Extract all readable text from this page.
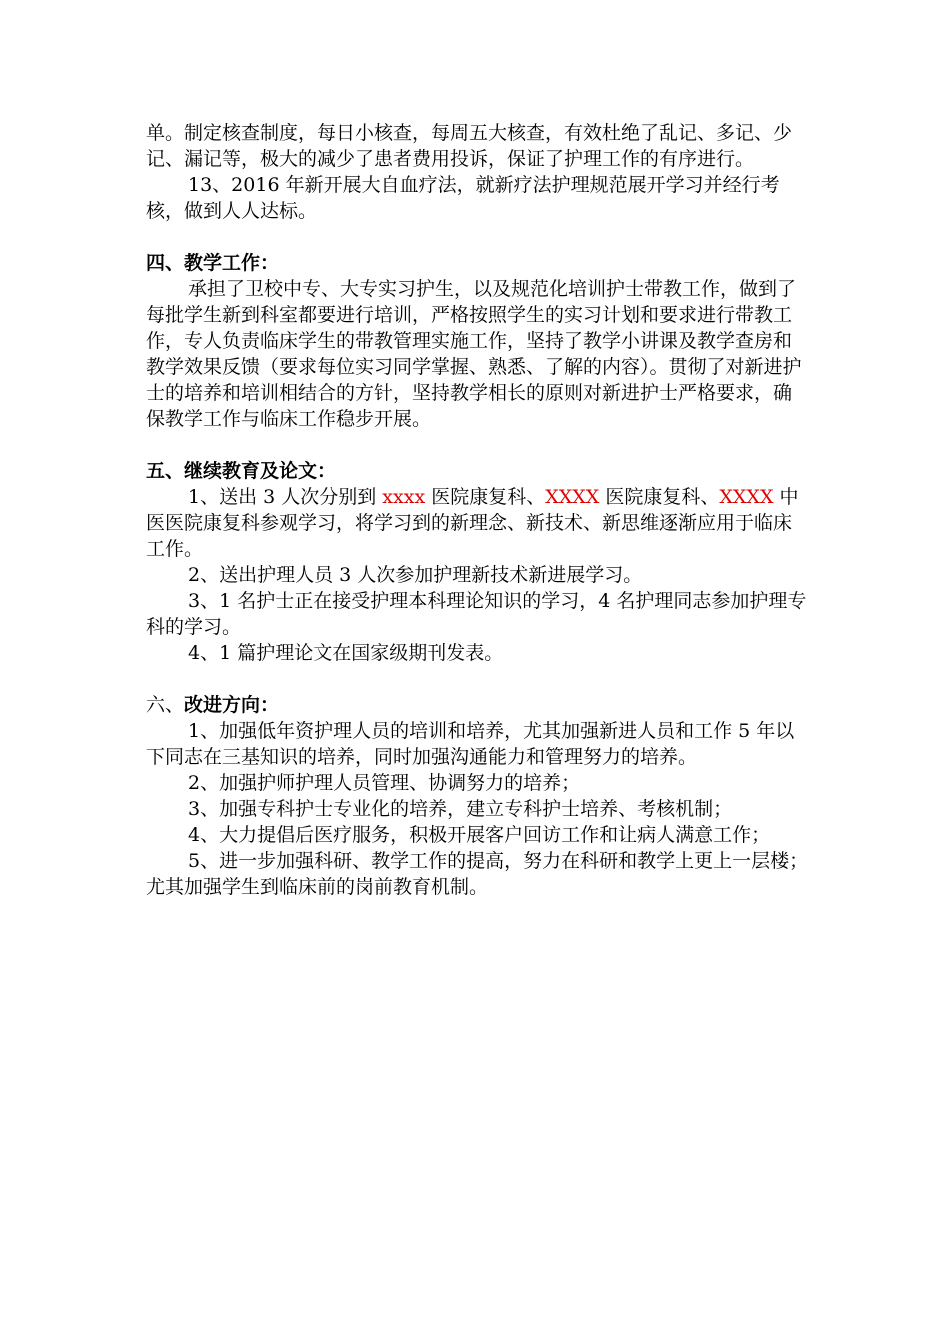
单。制定核查制度，每日小核查，每周五大核查，有效杜绝了乱记、多记、少记、漏记等，极大的减少了患者费用投诉，保证了护理工作的有序进行。

13、2016 年新开展大自血疗法，就新疗法护理规范展开学习并经行考核，做到人人达标。

四、教学工作：

承担了卫校中专、大专实习护生，以及规范化培训护士带教工作，做到了每批学生新到科室都要进行培训，严格按照学生的实习计划和要求进行带教工作，专人负责临床学生的带教管理实施工作，坚持了教学小讲课及教学查房和教学效果反馈（要求每位实习同学掌握、熟悉、了解的内容）。贯彻了对新进护士的培养和培训相结合的方针，坚持教学相长的原则对新进护士严格要求，确保教学工作与临床工作稳步开展。

五、继续教育及论文：

1、送出 3 人次分别到 xxxx 医院康复科、XXXX 医院康复科、XXXX 中医医院康复科参观学习，将学习到的新理念、新技术、新思维逐渐应用于临床工作。

2、送出护理人员 3 人次参加护理新技术新进展学习。

3、1 名护士正在接受护理本科理论知识的学习，4 名护理同志参加护理专科的学习。

4、1 篇护理论文在国家级期刊发表。

六、改进方向：

1、加强低年资护理人员的培训和培养，尤其加强新进人员和工作 5 年以下同志在三基知识的培养，同时加强沟通能力和管理努力的培养。

2、加强护师护理人员管理、协调努力的培养；

3、加强专科护士专业化的培养，建立专科护士培养、考核机制；

4、大力提倡后医疗服务，积极开展客户回访工作和让病人满意工作；

5、进一步加强科研、教学工作的提高，努力在科研和教学上更上一层楼；尤其加强学生到临床前的岗前教育机制。
